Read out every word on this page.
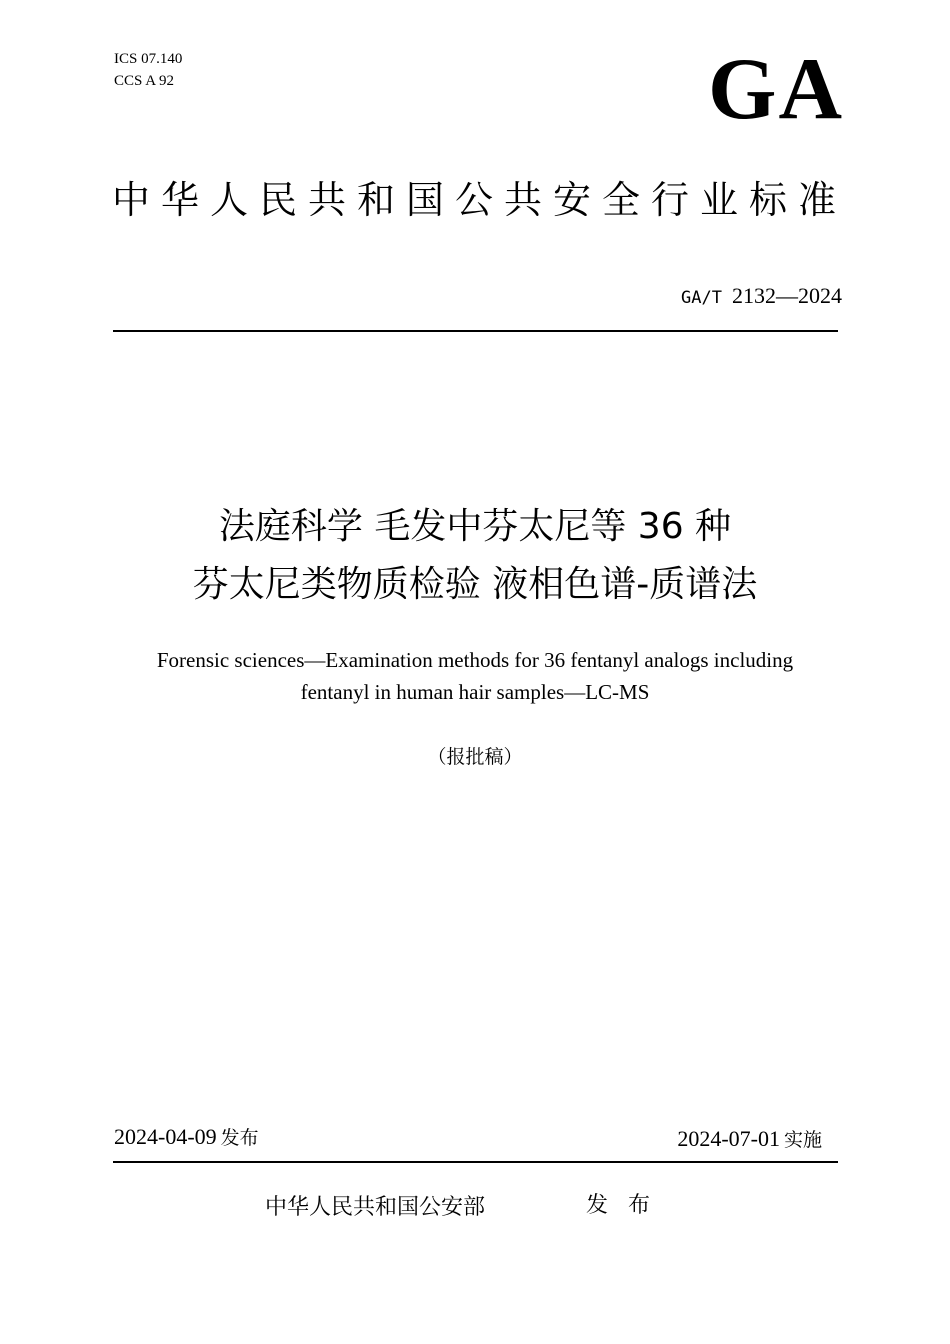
ICS 07.140
CCS A 92	GA
中华人民共和国公共安全行业标准
GA/T 2132—2024
法庭科学 毛发中芬太尼等 36 种
芬太尼类物质检验 液相色谱-质谱法
Forensic sciences—Examination methods for 36 fentanyl analogs including
fentanyl in human hair samples—LC-MS
（报批稿）
2024-04-09 发布	2024-07-01 实施
中华人民共和国公安部	发布
